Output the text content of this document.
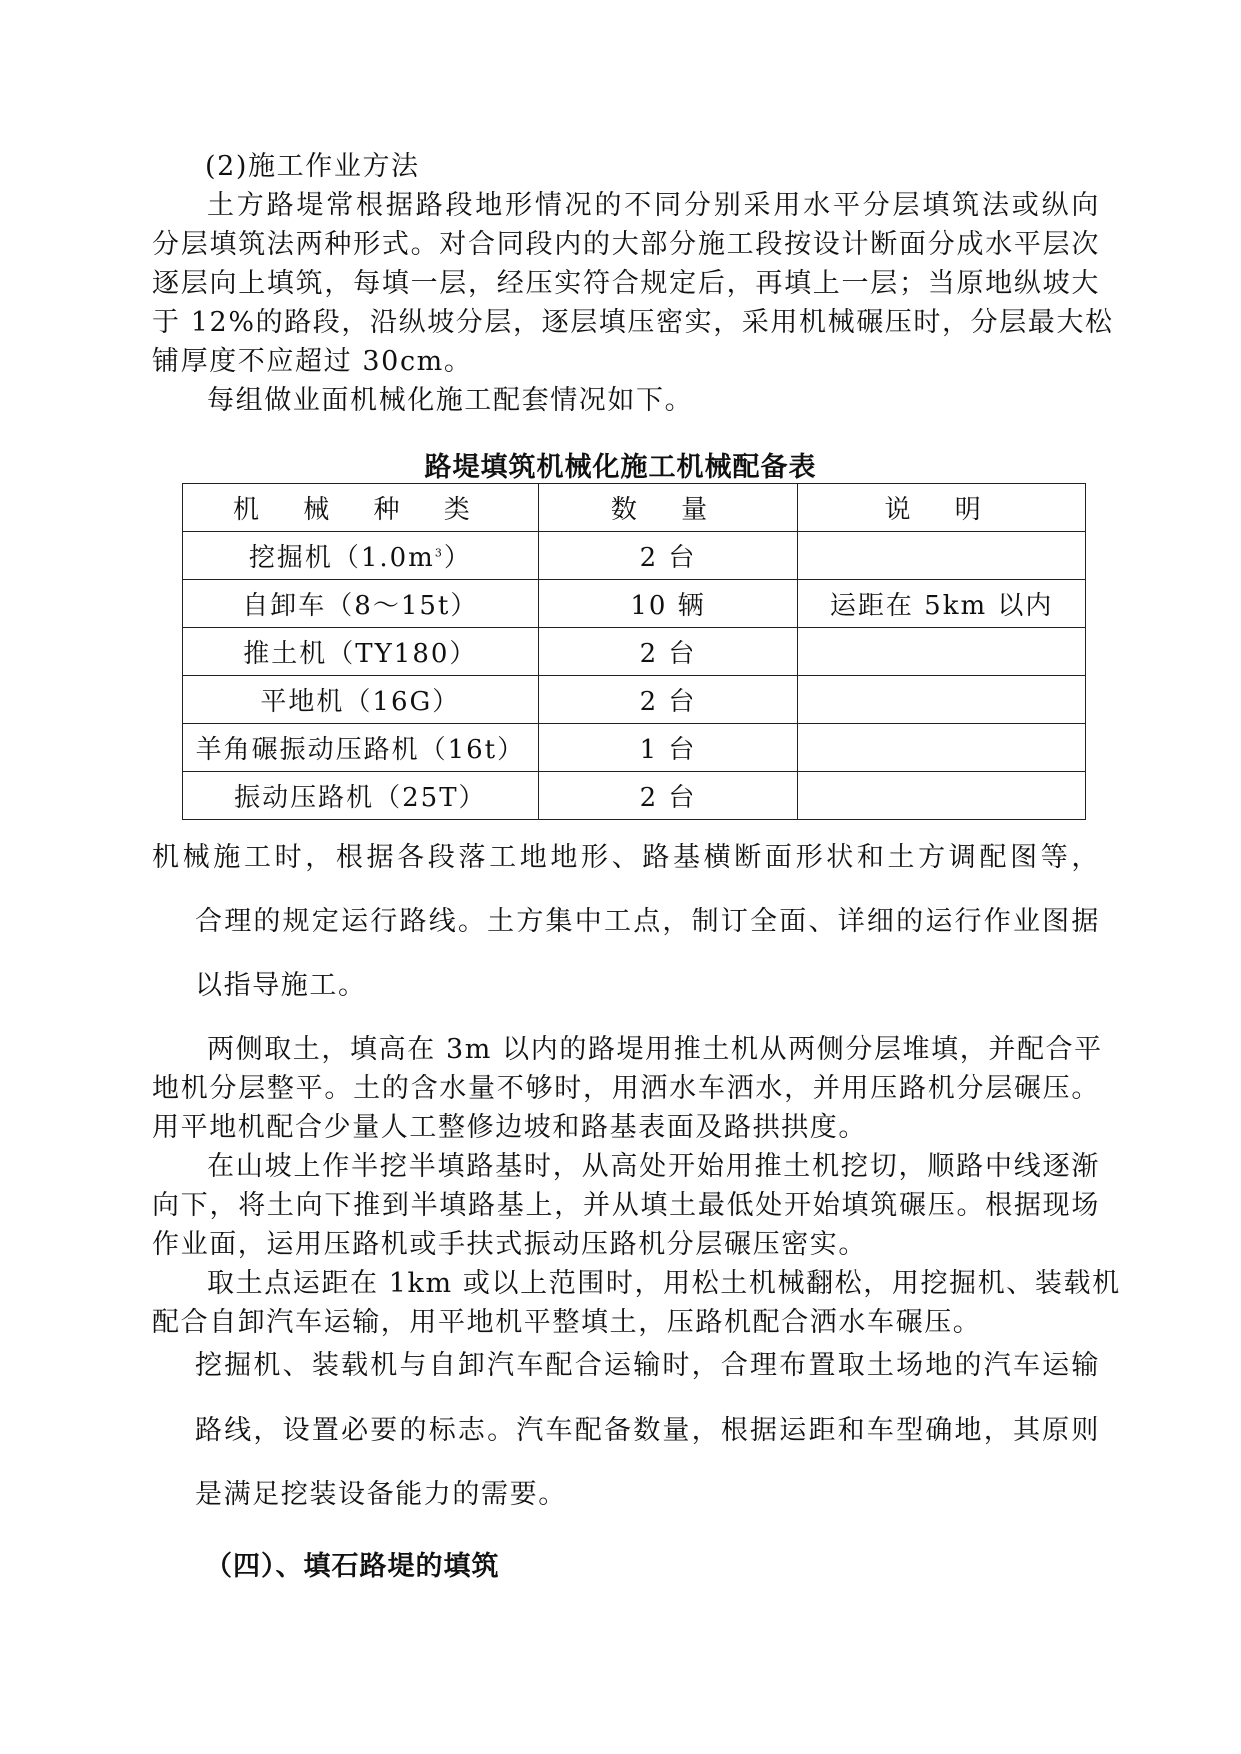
(2)施工作业方法
土方路堤常根据路段地形情况的不同分别采用水平分层填筑法或纵向
分层填筑法两种形式。对合同段内的大部分施工段按设计断面分成水平层次
逐层向上填筑，每填一层，经压实符合规定后，再填上一层；当原地纵坡大
于 12%的路段，沿纵坡分层，逐层填压密实，采用机械碾压时，分层最大松
铺厚度不应超过 30cm。
每组做业面机械化施工配套情况如下。
路堤填筑机械化施工机械配备表
机 械 种 类	数 量	说 明
挖掘机$(1.0m^3)$	2 台	
自卸车（8～15t）	10 辆	运距在 5km 以内
推土机（TY180）	2 台	
平地机（16G）	2 台	
羊角碾振动压路机（16t）	1 台	
振动压路机（25T）	2 台	
机械施工时，根据各段落工地地形、路基横断面形状和土方调配图等，
合理的规定运行路线。土方集中工点，制订全面、详细的运行作业图据
以指导施工。
两侧取土，填高在 3m 以内的路堤用推土机从两侧分层堆填，并配合平
地机分层整平。土的含水量不够时，用洒水车洒水，并用压路机分层碾压。
用平地机配合少量人工整修边坡和路基表面及路拱拱度。
在山坡上作半挖半填路基时，从高处开始用推土机挖切，顺路中线逐渐
向下，将土向下推到半填路基上，并从填土最低处开始填筑碾压。根据现场
作业面，运用压路机或手扶式振动压路机分层碾压密实。
取土点运距在 1km 或以上范围时，用松土机械翻松，用挖掘机、装载机
配合自卸汽车运输，用平地机平整填土，压路机配合洒水车碾压。
挖掘机、装载机与自卸汽车配合运输时，合理布置取土场地的汽车运输
路线，设置必要的标志。汽车配备数量，根据运距和车型确地，其原则
是满足挖装设备能力的需要。
（四）、填石路堤的填筑
